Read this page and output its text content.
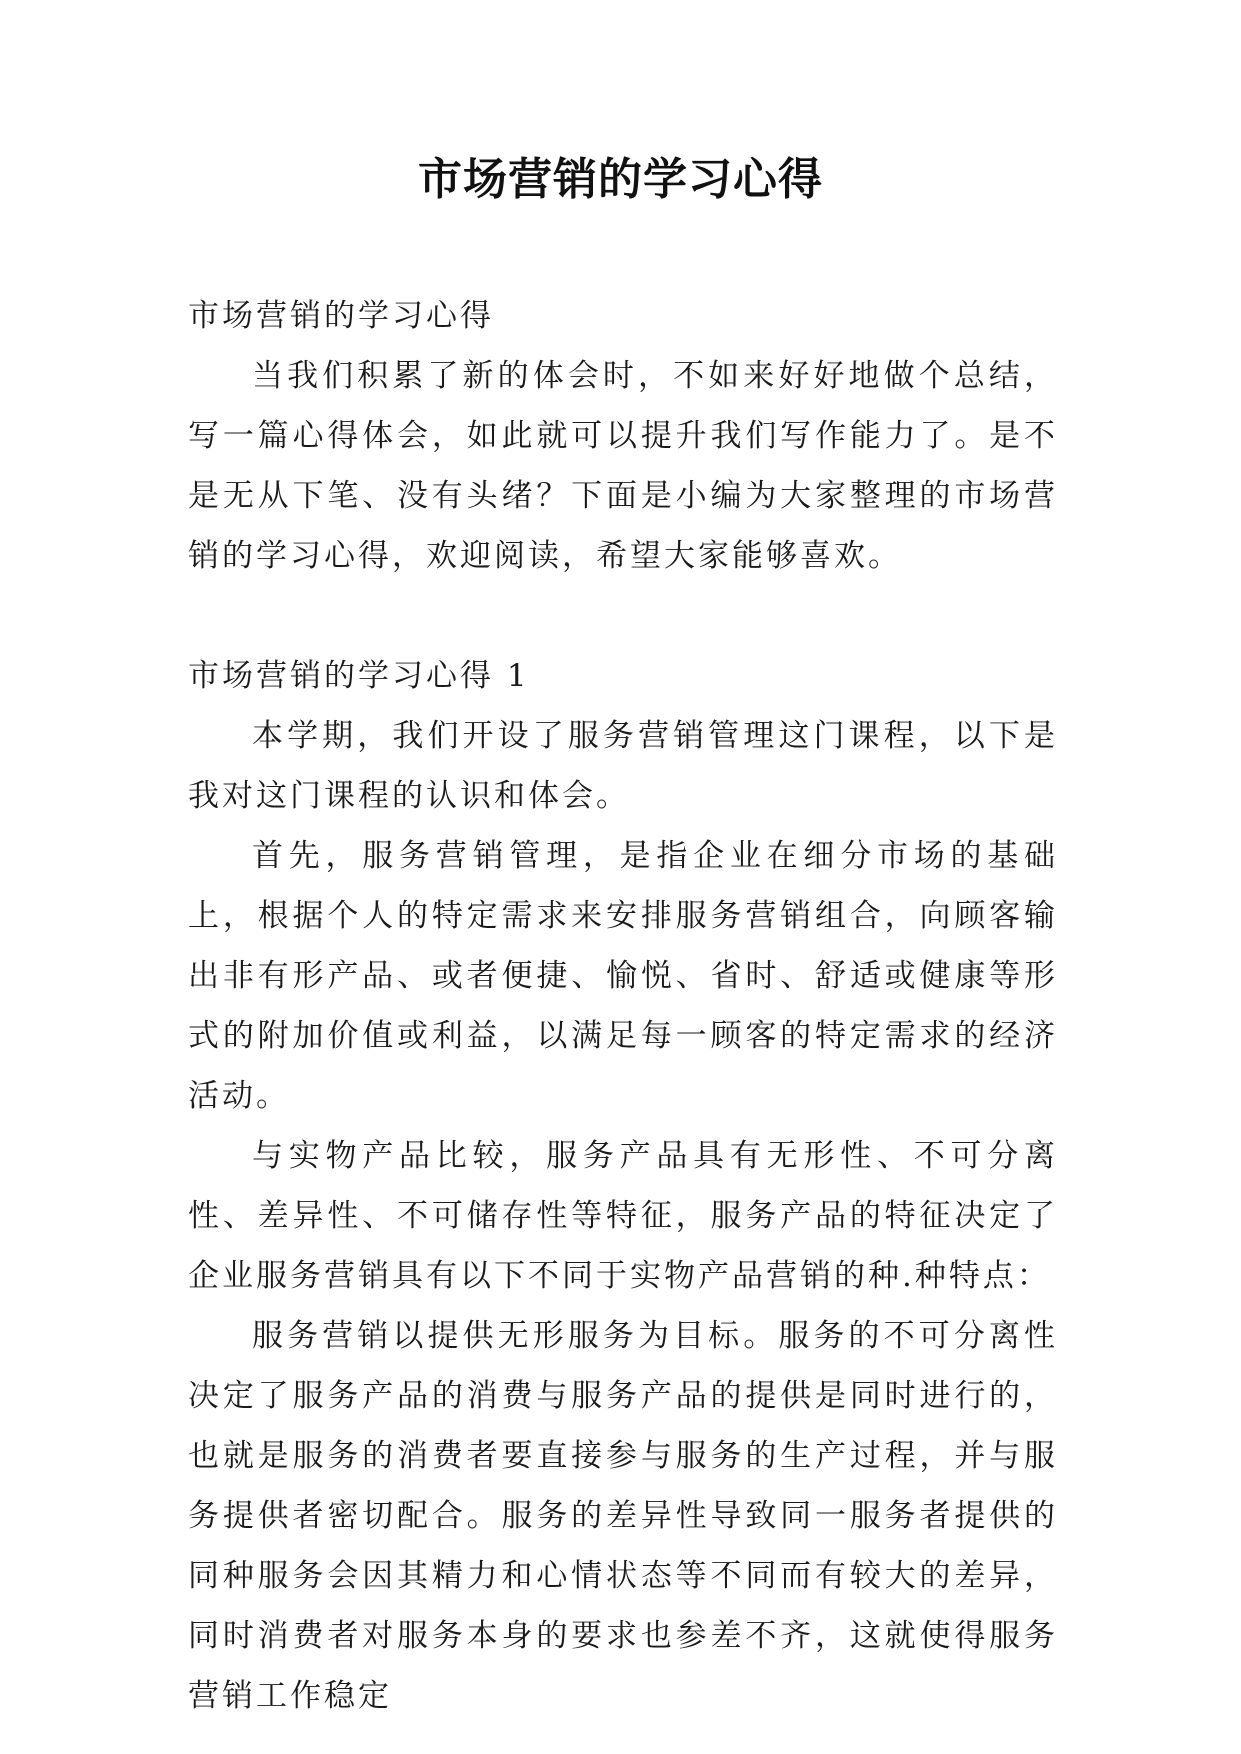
市场营销的学习心得

市场营销的学习心得

当我们积累了新的体会时，不如来好好地做个总结，写一篇心得体会，如此就可以提升我们写作能力了。是不是无从下笔、没有头绪？下面是小编为大家整理的市场营销的学习心得，欢迎阅读，希望大家能够喜欢。

市场营销的学习心得 1

本学期，我们开设了服务营销管理这门课程，以下是我对这门课程的认识和体会。

首先，服务营销管理，是指企业在细分市场的基础上，根据个人的特定需求来安排服务营销组合，向顾客输出非有形产品、或者便捷、愉悦、省时、舒适或健康等形式的附加价值或利益，以满足每一顾客的特定需求的经济活动。

与实物产品比较，服务产品具有无形性、不可分离性、差异性、不可储存性等特征，服务产品的特征决定了企业服务营销具有以下不同于实物产品营销的种.种特点：

服务营销以提供无形服务为目标。服务的不可分离性决定了服务产品的消费与服务产品的提供是同时进行的，也就是服务的消费者要直接参与服务的生产过程，并与服务提供者密切配合。服务的差异性导致同一服务者提供的同种服务会因其精力和心情状态等不同而有较大的差异，同时消费者对服务本身的要求也参差不齐，这就使得服务营销工作稳定
